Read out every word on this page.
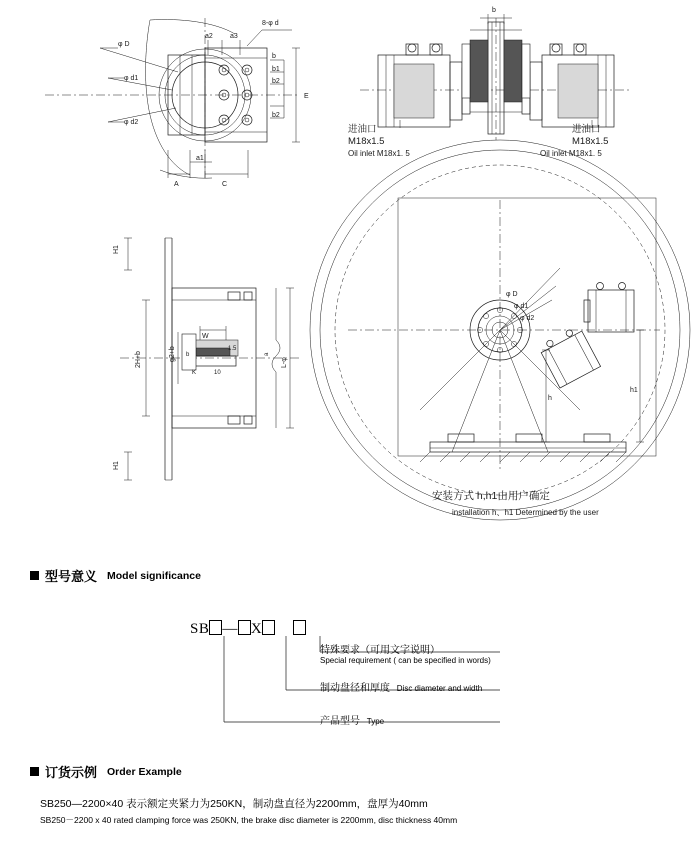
φ D
φ d1
φ d2
8-φ d
a2 a3
b
b1
b2
b2
E
A	C
a1
b
H1
H1
2H+b	g2+b
W
K	10
1.5
b
L-φ
a
h
h1
φ D
φ d1
φ d2
进油口
M18x1.5
Oil inlet M18x1. 5
进油口
M18x1.5
Oil inlet M18x1. 5
安装方式 h,h1由用户确定
installation h、h1 Determined by the user
型号意义 Model significance
SB — X
特殊要求（可用文字说明）
Special requirement ( can be specified in words)
制动盘径和厚度 Disc diameter and width
产品型号 Type
订货示例 Order Example
SB250—2200×40 表示额定夹紧力为250KN，制动盘直径为2200mm，盘厚为40mm
SB250－2200 x 40 rated clamping force was 250KN, the brake disc diameter is 2200mm, disc thickness 40mm
